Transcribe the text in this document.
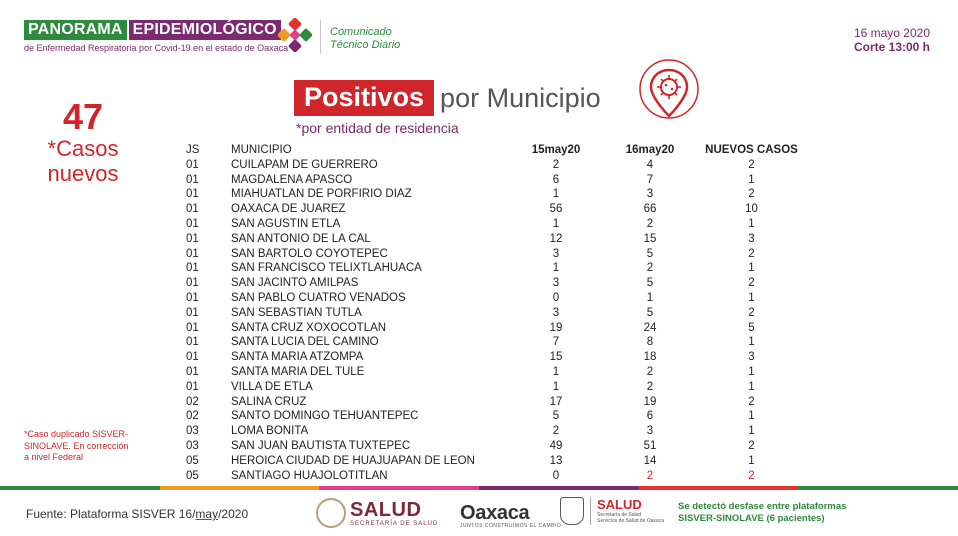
PANORAMA EPIDEMIOLÓGICO
de Enfermedad Respiratoria por Covid-19 en el estado de Oaxaca
Comunicado
Técnico Diario
16 mayo 2020
Corte 13:00 h
Positivos por Municipio
*por entidad de residencia
47
*Casos
nuevos
JS	MUNICIPIO	15may20	16may20	NUEVOS CASOS
01	CUILAPAM DE GUERRERO	2	4	2
01	MAGDALENA APASCO	6	7	1
01	MIAHUATLAN DE PORFIRIO DIAZ	1	3	2
01	OAXACA DE JUAREZ	56	66	10
01	SAN AGUSTIN ETLA	1	2	1
01	SAN ANTONIO DE LA CAL	12	15	3
01	SAN BARTOLO COYOTEPEC	3	5	2
01	SAN FRANCISCO TELIXTLAHUACA	1	2	1
01	SAN JACINTO AMILPAS	3	5	2
01	SAN PABLO CUATRO VENADOS	0	1	1
01	SAN SEBASTIAN TUTLA	3	5	2
01	SANTA CRUZ XOXOCOTLAN	19	24	5
01	SANTA LUCIA DEL CAMINO	7	8	1
01	SANTA MARIA ATZOMPA	15	18	3
01	SANTA MARIA DEL TULE	1	2	1
01	VILLA DE ETLA	1	2	1
02	SALINA CRUZ	17	19	2
02	SANTO DOMINGO TEHUANTEPEC	5	6	1
03	LOMA BONITA	2	3	1
03	SAN JUAN BAUTISTA TUXTEPEC	49	51	2
05	HEROICA CIUDAD DE HUAJUAPAN DE LEON	13	14	1
05	SANTIAGO HUAJOLOTITLAN	0	2	2
*Caso duplicado SISVER-
SINOLAVE. En corrección
a nivel Federal
Fuente: Plataforma SISVER 16/may/2020	SALUD
SECRETARÍA DE SALUD Oaxaca
JUNTOS CONSTRUIMOS EL CAMBIO
SALUD
Secretaría de Salud
Servicios de Salud de Oaxaca
Se detectó desfase entre plataformas
SISVER-SINOLAVE (6 pacientes)
